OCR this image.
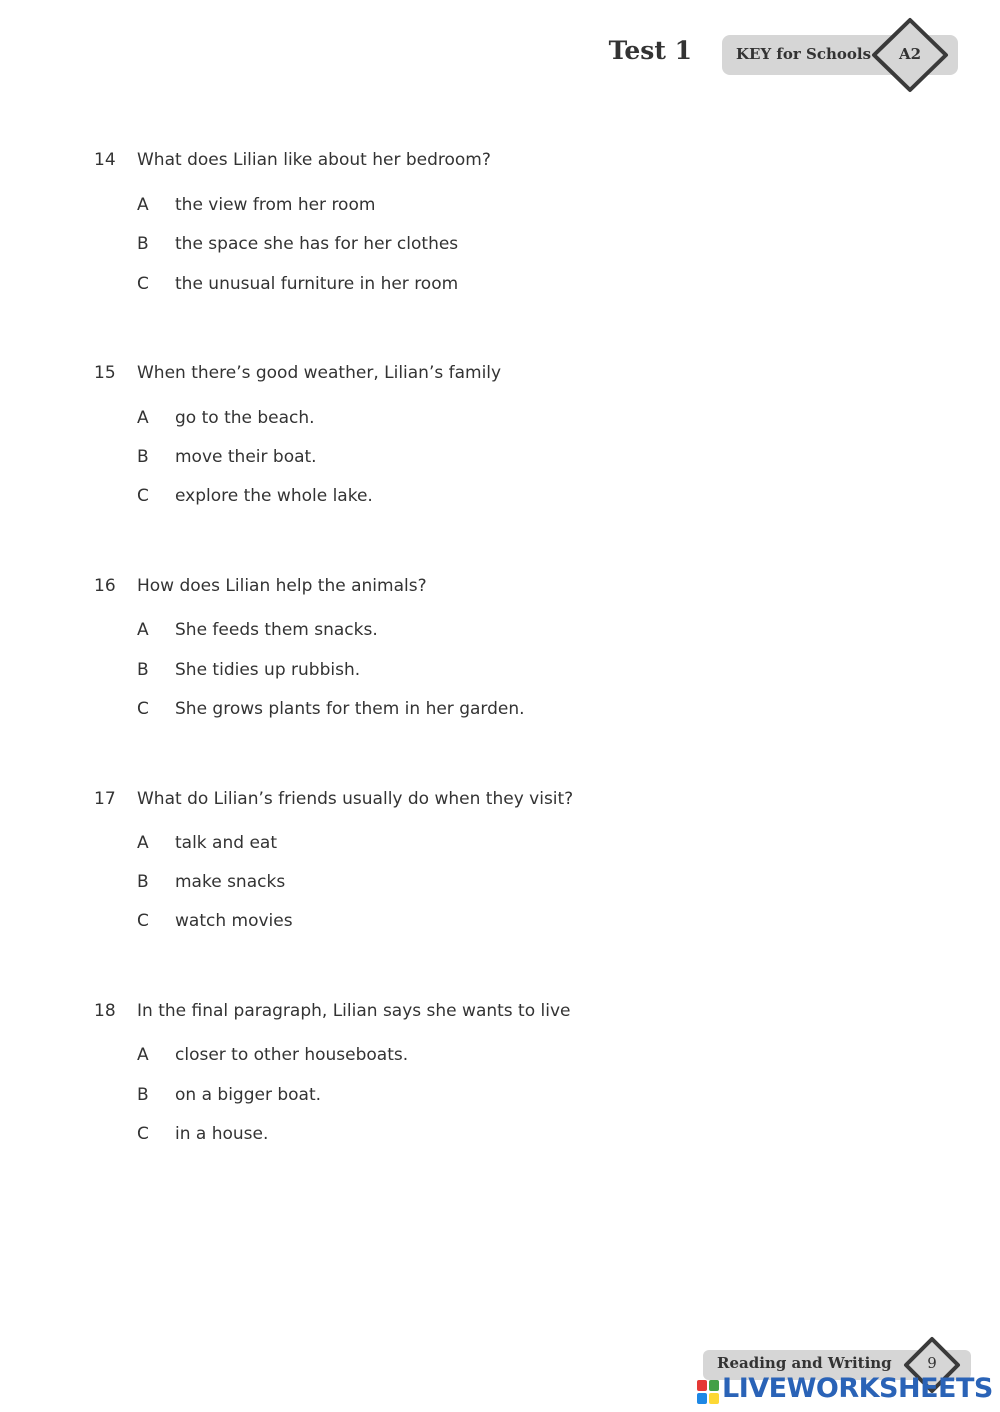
Test 1	KEY for Schools	A2
14 What does Lilian like about her bedroom?
A the view from her room
B the space she has for her clothes
C the unusual furniture in her room
15 When there’s good weather, Lilian’s family
A go to the beach.
B move their boat.
C explore the whole lake.
16 How does Lilian help the animals?
A She feeds them snacks.
B She tidies up rubbish.
C She grows plants for them in her garden.
17 What do Lilian’s friends usually do when they visit?
A talk and eat
B make snacks
C watch movies
18 In the final paragraph, Lilian says she wants to live
A closer to other houseboats.
B on a bigger boat.
C in a house.
Reading and Writing	9
LIVEWORKSHEETS
